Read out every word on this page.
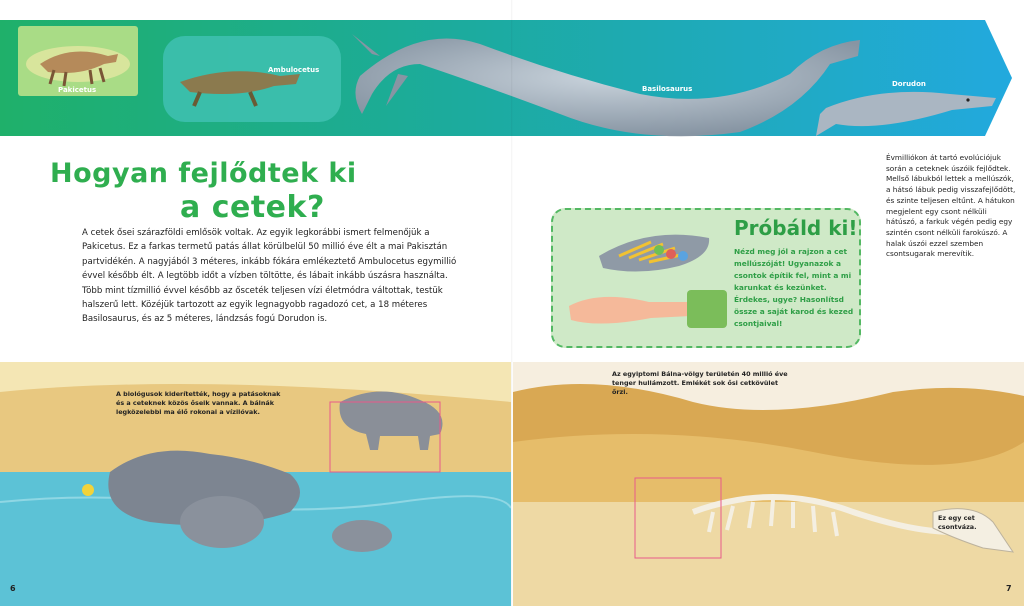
Pakicetus
Ambulocetus
Basilosaurus
Dorudon
Hogyan fejlődtek ki
a cetek?

A cetek ősei szárazföldi emlősök voltak. Az egyik legkorábbi ismert felmenőjük a Pakicetus. Ez a farkas termetű patás állat körülbelül 50 millió éve élt a mai Pakisztán partvidékén. A nagyjából 3 méteres, inkább fókára emlékeztető Ambulocetus egymillió évvel később élt. A legtöbb időt a vízben töltötte, és lábait inkább úszásra használta. Több mint tízmillió évvel később az ősceték teljesen vízi életmódra váltottak, testük halszerű lett. Közéjük tartozott az egyik legnagyobb ragadozó cet, a 18 méteres Basilosaurus, és az 5 méteres, lándzsás fogú Dorudon is.

Évmilliókon át tartó evolúciójuk során a ceteknek úszóik fejlődtek. Mellső lábukból lettek a mellúszók, a hátsó lábuk pedig visszafejlődött, és szinte teljesen eltűnt. A hátukon megjelent egy csont nélküli hátúszó, a farkuk végén pedig egy szintén csont nélküli farokúszó. A halak úszói ezzel szemben csontsugarak merevítik.

Próbáld ki!

Nézd meg jól a rajzon a cet mellúszóját! Ugyanazok a csontok építik fel, mint a mi karunkat és kezünket. Érdekes, ugye? Hasonlítsd össze a saját karod és kezed csontjaival!

A biológusok kiderítették, hogy a patásoknak és a ceteknek közös őseik vannak. A bálnák legközelebbi ma élő rokonai a vízilóvak.

6

Az egyiptomi Bálna-völgy területén 40 millió éve tenger hullámzott. Emlékét sok ősi cetkövület őrzi.

Ez egy cet csontváza.

7
